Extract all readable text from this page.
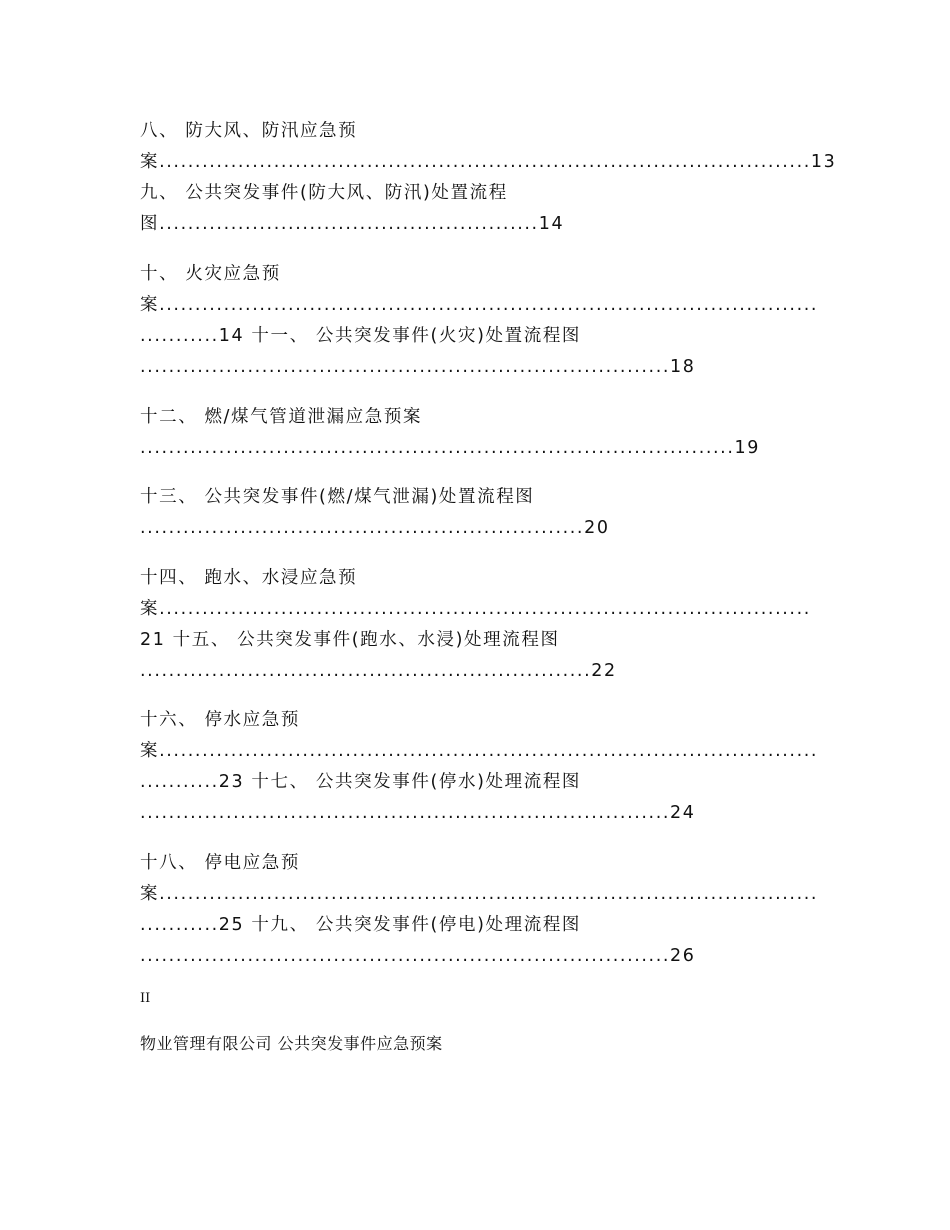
八、 防大风、防汛应急预
案...........................................................................................13
九、 公共突发事件(防大风、防汛)处置流程
图.....................................................14
十、 火灾应急预
案............................................................................................
...........14 十一、 公共突发事件(火灾)处置流程图
..........................................................................18
十二、 燃/煤气管道泄漏应急预案
...................................................................................19
十三、 公共突发事件(燃/煤气泄漏)处置流程图
..............................................................20
十四、 跑水、水浸应急预
案...........................................................................................
21 十五、 公共突发事件(跑水、水浸)处理流程图
...............................................................22
十六、 停水应急预
案............................................................................................
...........23 十七、 公共突发事件(停水)处理流程图
..........................................................................24
十八、 停电应急预
案............................................................................................
...........25 十九、 公共突发事件(停电)处理流程图
..........................................................................26
II
物业管理有限公司 公共突发事件应急预案
